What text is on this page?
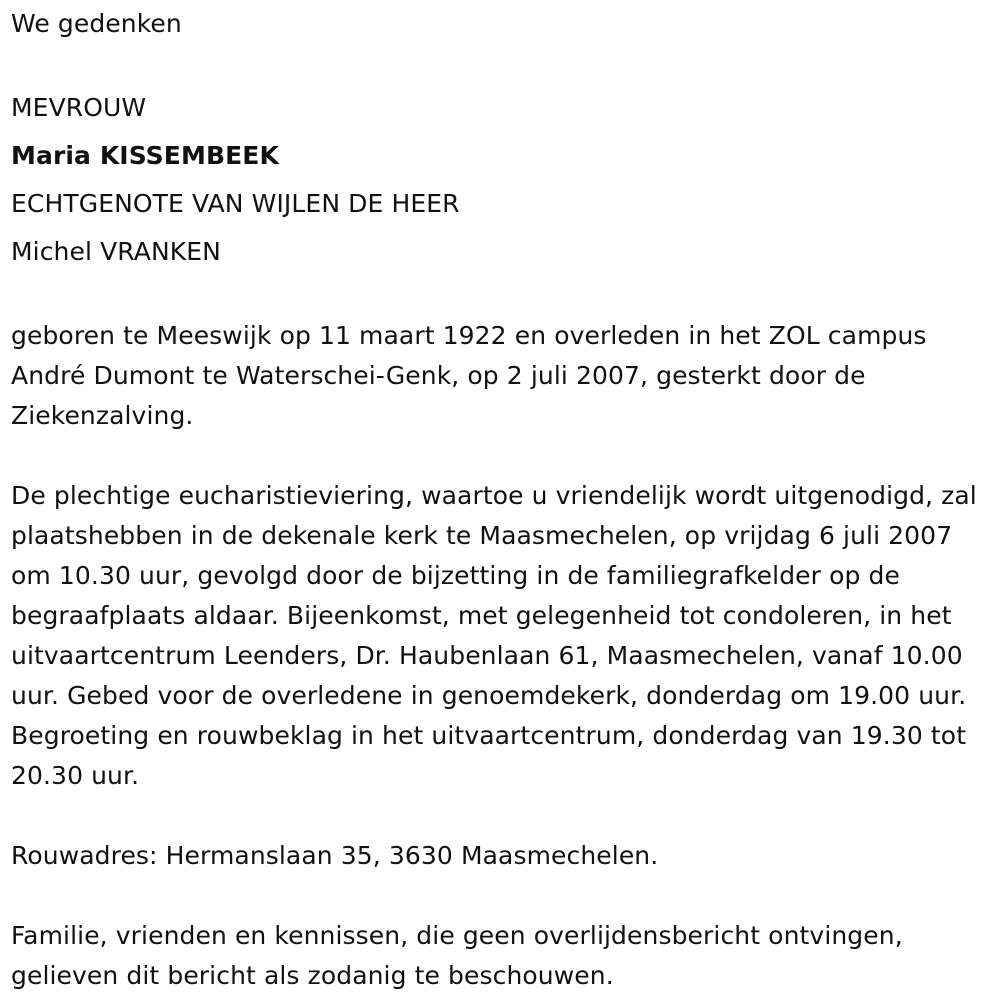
We gedenken

MEVROUW

Maria KISSEMBEEK

ECHTGENOTE VAN WIJLEN DE HEER

Michel VRANKEN

geboren te Meeswijk op 11 maart 1922 en overleden in het ZOL campus André Dumont te Waterschei-Genk, op 2 juli 2007, gesterkt door de Ziekenzalving.

De plechtige eucharistieviering, waartoe u vriendelijk wordt uitgenodigd, zal plaatshebben in de dekenale kerk te Maasmechelen, op vrijdag 6 juli 2007 om 10.30 uur, gevolgd door de bijzetting in de familiegrafkelder op de begraafplaats aldaar. Bijeenkomst, met gelegenheid tot condoleren, in het uitvaartcentrum Leenders, Dr. Haubenlaan 61, Maasmechelen, vanaf 10.00 uur. Gebed voor de overledene in genoemdekerk, donderdag om 19.00 uur. Begroeting en rouwbeklag in het uitvaartcentrum, donderdag van 19.30 tot 20.30 uur.

Rouwadres: Hermanslaan 35, 3630 Maasmechelen.

Familie, vrienden en kennissen, die geen overlijdensbericht ontvingen, gelieven dit bericht als zodanig te beschouwen.
